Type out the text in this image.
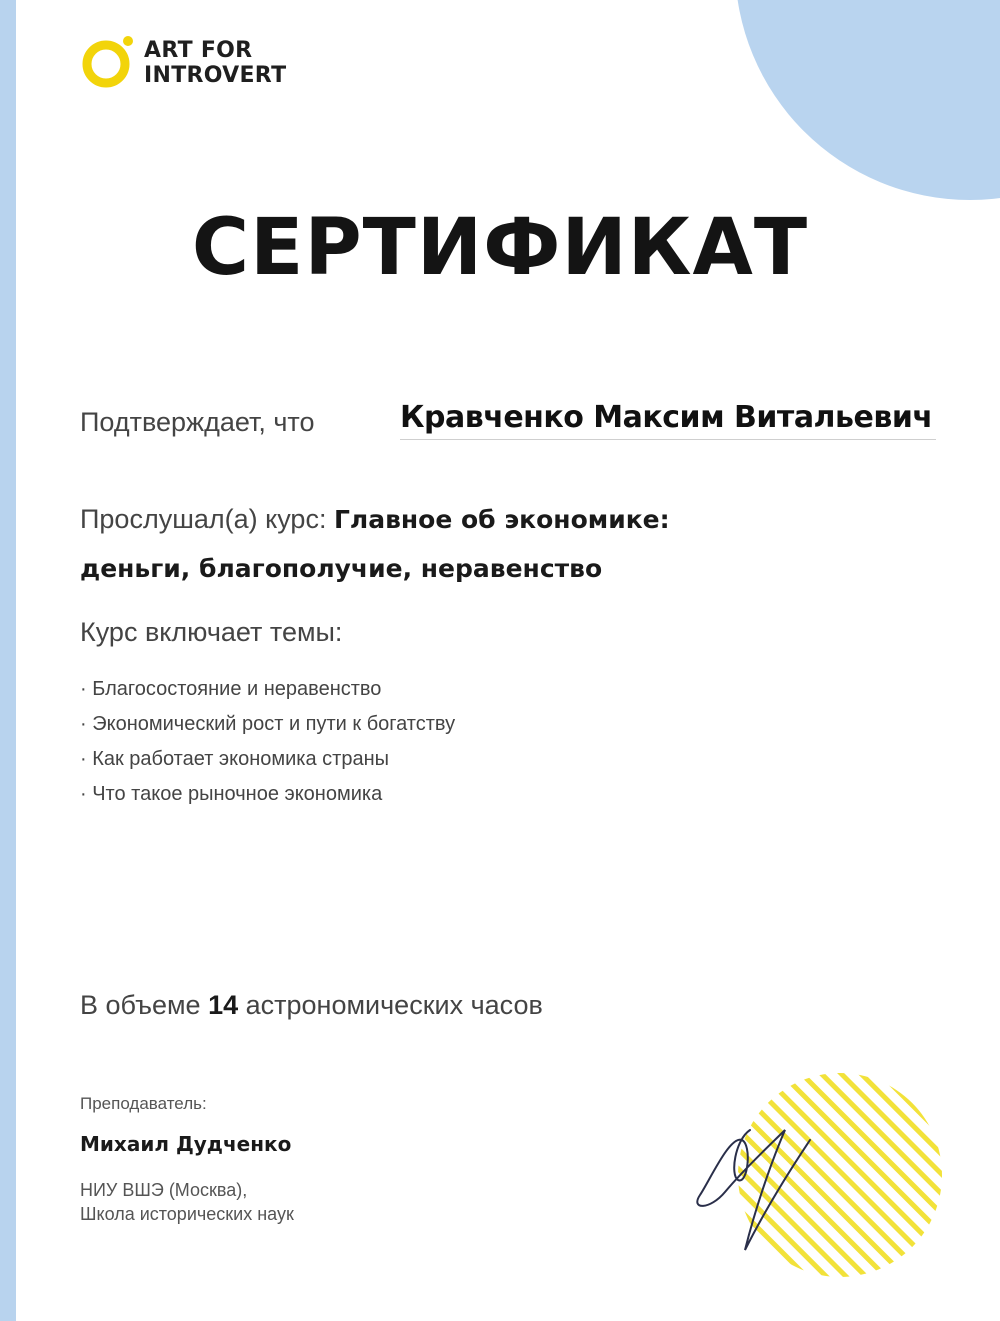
ART FOR
INTROVERT
СЕРТИФИКАТ
Подтверждает, что	Кравченко Максим Витальевич
Прослушал(а) курс: Главное об экономике:
деньги, благополучие, неравенство
Курс включает темы:
· Благосостояние и неравенство
· Экономический рост и пути к богатству
· Как работает экономика страны
· Что такое рыночное экономика
В объеме 14 астрономических часов
Преподаватель:
Михаил Дудченко
НИУ ВШЭ (Москва),
Школа исторических наук
